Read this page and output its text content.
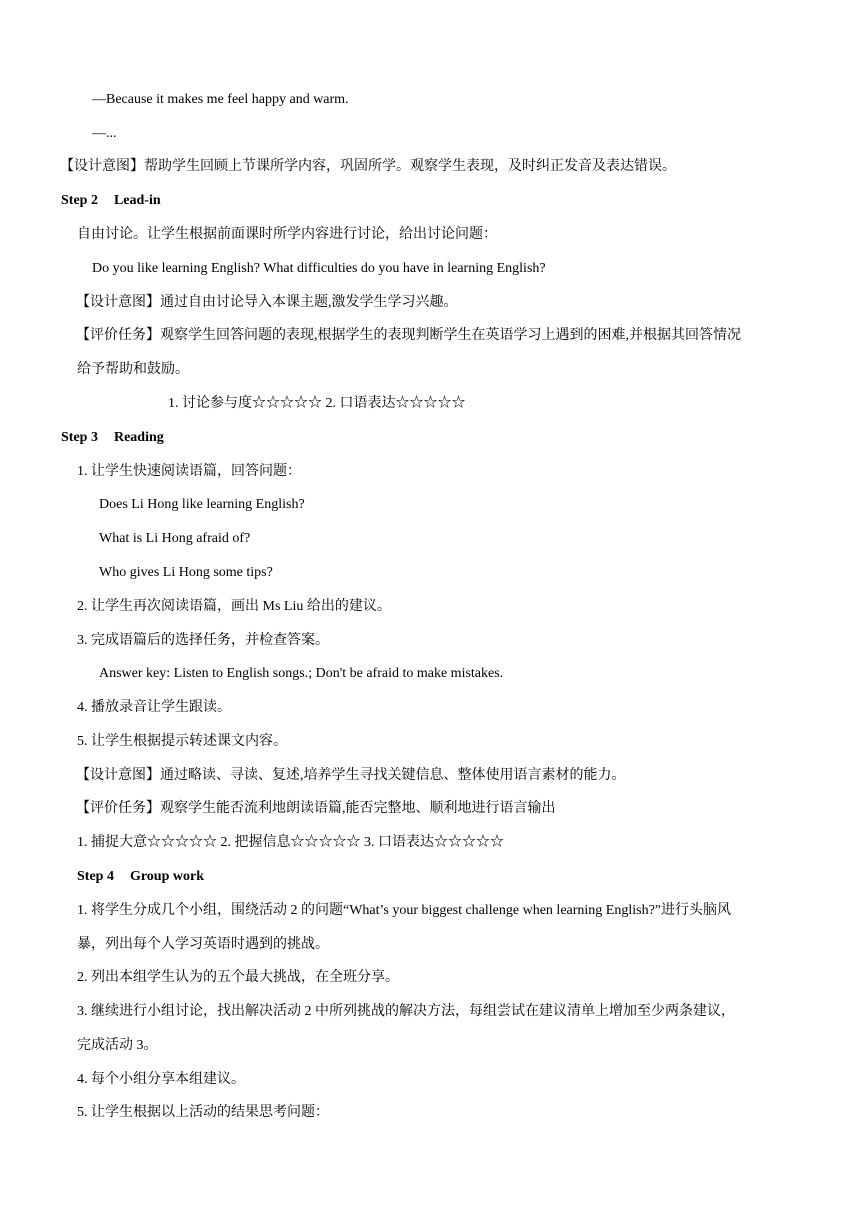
—Because it makes me feel happy and warm.
—...
【设计意图】帮助学生回顾上节课所学内容，巩固所学。观察学生表现，及时纠正发音及表达错误。
Step 2 Lead-in
自由讨论。让学生根据前面课时所学内容进行讨论，给出讨论问题：
Do you like learning English? What difficulties do you have in learning English?
【设计意图】通过自由讨论导入本课主题,激发学生学习兴趣。
【评价任务】观察学生回答问题的表现,根据学生的表现判断学生在英语学习上遇到的困难,并根据其回答情况
给予帮助和鼓励。
1. 讨论参与度☆☆☆☆☆ 2. 口语表达☆☆☆☆☆
Step 3 Reading
1. 让学生快速阅读语篇，回答问题：
Does Li Hong like learning English?
What is Li Hong afraid of?
Who gives Li Hong some tips?
2. 让学生再次阅读语篇，画出 Ms Liu 给出的建议。
3. 完成语篇后的选择任务，并检查答案。
Answer key: Listen to English songs.; Don't be afraid to make mistakes.
4. 播放录音让学生跟读。
5. 让学生根据提示转述课文内容。
【设计意图】通过略读、寻读、复述,培养学生寻找关键信息、整体使用语言素材的能力。
【评价任务】观察学生能否流利地朗读语篇,能否完整地、顺利地进行语言输出
1. 捕捉大意☆☆☆☆☆ 2. 把握信息☆☆☆☆☆ 3. 口语表达☆☆☆☆☆
Step 4 Group work
1. 将学生分成几个小组，围绕活动 2 的问题“What’s your biggest challenge when learning English?”进行头脑风
暴，列出每个人学习英语时遇到的挑战。
2. 列出本组学生认为的五个最大挑战，在全班分享。
3. 继续进行小组讨论，找出解决活动 2 中所列挑战的解决方法，每组尝试在建议清单上增加至少两条建议，
完成活动 3。
4. 每个小组分享本组建议。
5. 让学生根据以上活动的结果思考问题：
